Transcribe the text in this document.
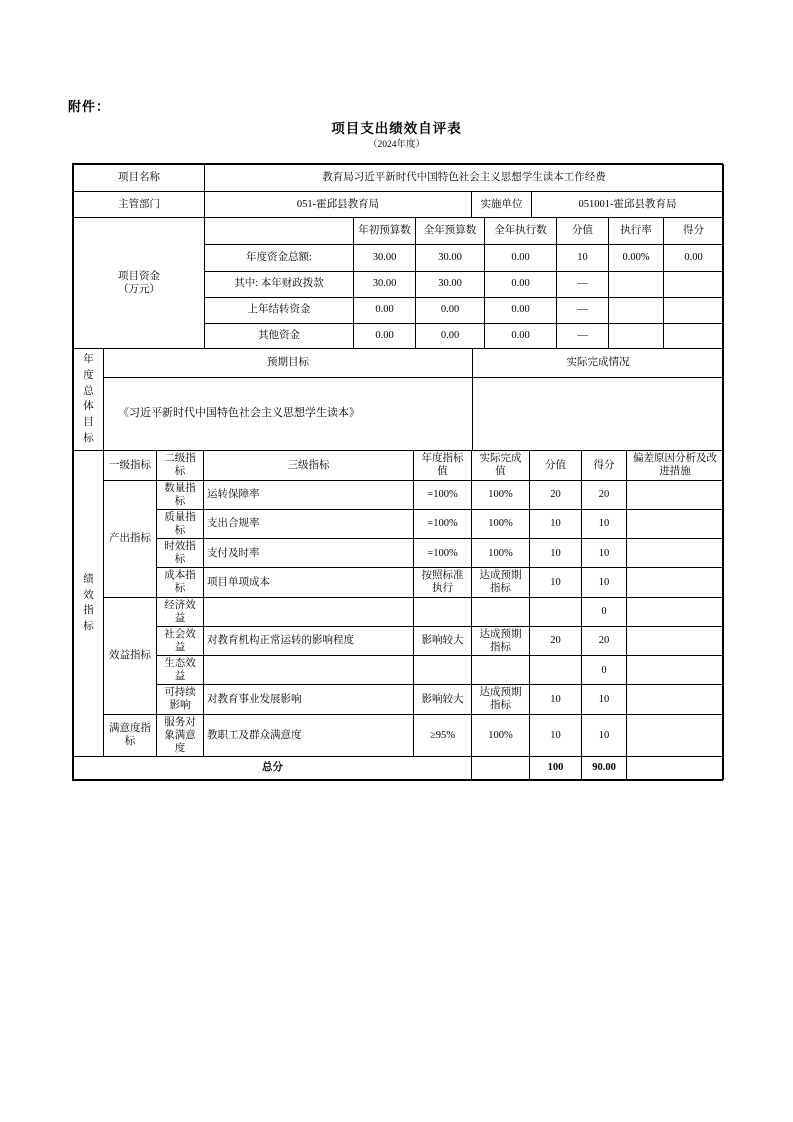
附件：
项目支出绩效自评表
（2024年度）
项目名称	教育局习近平新时代中国特色社会主义思想学生读本工作经费		
主管部门	051-霍邱县教育局	实施单位	051001-霍邱县教育局
项目资金
（万元）		年初预算数	全年预算数	全年执行数	分值	执行率	得分
	年度资金总额:	30.00	30.00	0.00	10	0.00%	0.00
	其中: 本年财政拨款	30.00	30.00	0.00	—		
	上年结转资金	0.00	0.00	0.00	—		
	其他资金	0.00	0.00	0.00	—		
年度总体目标	预期目标	实际完成情况
	《习近平新时代中国特色社会主义思想学生读本》	
绩效指标	一级指标	二级指标	三级指标	年度指标值	实际完成值	分值	得分	偏差原因分析及改进措施
	产出指标	数量指标	运转保障率	=100%	100%	20	20	
		质量指标	支出合规率	=100%	100%	10	10	
		时效指标	支付及时率	=100%	100%	10	10	
		成本指标	项目单项成本	按照标准执行	达成预期指标	10	10	
	效益指标	经济效益					0	
		社会效益	对教育机构正常运转的影响程度	影响较大	达成预期指标	20	20	
		生态效益					0	
		可持续影响	对教育事业发展影响	影响较大	达成预期指标	10	10	
	满意度指标	服务对象满意度	教职工及群众满意度	≥95%	100%	10	10	
总分						100	90.00	
